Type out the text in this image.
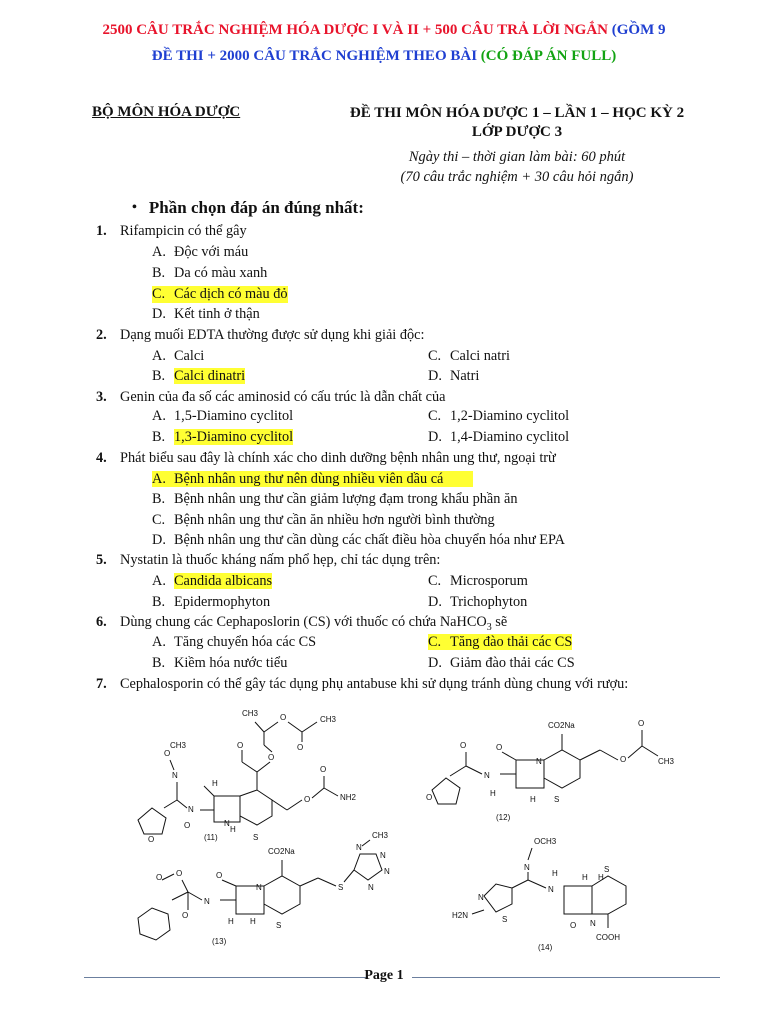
2500 CÂU TRẮC NGHIỆM HÓA DƯỢC I VÀ II + 500 CÂU TRẢ LỜI NGẮN (GỒM 9
ĐỀ THI + 2000 CÂU TRẮC NGHIỆM THEO BÀI (CÓ ĐÁP ÁN FULL)
BỘ MÔN HÓA DƯỢC	ĐỀ THI MÔN HÓA DƯỢC 1 – LẦN 1 – HỌC KỲ 2
LỚP DƯỢC 3
Ngày thi – thời gian làm bài: 60 phút
(70 câu trắc nghiệm + 30 câu hỏi ngắn)
• Phần chọn đáp án đúng nhất:
1. Rifampicin có thể gây
A. Độc với máu
B. Da có màu xanh
C. Các dịch có màu đỏ
D. Kết tinh ở thận
2. Dạng muối EDTA thường được sử dụng khi giải độc:
A. Calci	C. Calci natri
B. Calci dinatri	D. Natri
3. Genin của đa số các aminosid có cấu trúc là dẫn chất của
A. 1,5-Diamino cyclitol	C. 1,2-Diamino cyclitol
B. 1,3-Diamino cyclitol	D. 1,4-Diamino cyclitol
4. Phát biểu sau đây là chính xác cho dinh dưỡng bệnh nhân ung thư, ngoại trừ
A. Bệnh nhân ung thư nên dùng nhiều viên dầu cá
B. Bệnh nhân ung thư cần giảm lượng đạm trong khẩu phần ăn
C. Bệnh nhân ung thư cần ăn nhiều hơn người bình thường
D. Bệnh nhân ung thư cần dùng các chất điều hòa chuyển hóa như EPA
5. Nystatin là thuốc kháng nấm phổ hẹp, chỉ tác dụng trên:
A. Candida albicans	C. Microsporum
B. Epidermophyton	D. Trichophyton
6. Dùng chung các Cephaposlorin (CS) với thuốc có chứa NaHCO$_3$ sẽ
A. Tăng chuyển hóa các CS	C. Tăng đào thải các CS
B. Kiềm hóa nước tiểu	D. Giảm đào thải các CS
7. Cephalosporin có thể gây tác dụng phụ antabuse khi sử dụng tránh dùng chung với rượu:
CH3	O
O
CH3
O
O
O
O
NH2
S
N
H
H
N
N
O
CH3
O
O	(11)
CO2Na
O
O
CH3
N
S
O
N
H
H
O
O
(12)
CO2Na
S
N
CH3
N
N
N
N
S
O
H H
N
O
O
O
(13)
OCH3
N
N
H
N
S
H2N
O
H H
S
N
COOH
(14)
Page 1
